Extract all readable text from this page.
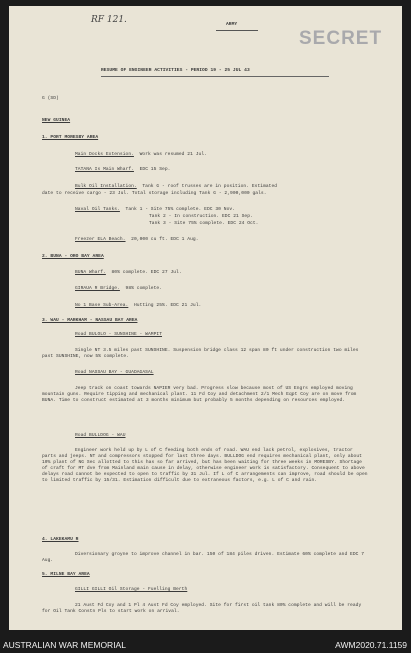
RF 121.	ARMY
SECRET
RESUME OF ENGINEER ACTIVITIES - PERIOD 19 - 25 JUL 43
G (SD)
NEW GUINEA
1. PORT MORESBY AREA
Main Docks Extension. Work was resumed 21 Jul.
TATANA Is Main Wharf. EDC 15 Sep.
Bulk Oil Installation. Tank G - roof trusses are in position. Estimated
date to receive cargo - 23 Jul. Total storage including Tank G - 2,900,000 gals.
Naval Oil Tanks. Tank 1 - Site 75% complete. EDC 30 Nov.
Tank 2 - In construction. EDC 21 Sep.
Tank 3 - Site 75% complete. EDC 24 Oct.
Freezer ELA Beach. 20,000 cu ft. EDC 1 Aug.
2. BUNA - ORO BAY AREA
BUNA Wharf. 80% complete. EDC 27 Jul.
GIRAUA R Bridge. 98% complete.
No 1 Base Sub-Area. Hutting 25%. EDC 21 Jul.
3. WAU - MARKHAM - NASSAU BAY AREA
Road BULOLO - SUNSHINE - WAMPIT
Single NT 3.5 miles past SUNSHINE. Suspension bridge class 12 span 80 ft under construction two miles past SUNSHINE, now 5% complete.
Road NASSAU BAY - GUADAGASAL
Jeep track on coast towards NAPIER very bad. Progress slow because most of US Engrs employed moving mountain guns. Require tipping and mechanical plant. 11 Fd Coy and detachment 2/1 Mech Eqpt Coy are on move from BUNA. Time to construct estimated at 3 months minimum but probably 5 months depending on resources employed.
Road BULLDOG - WAU
Engineer work held up by L of C feeding both ends of road. WAU end lack petrol, explosives, tractor parts and jeeps. NT and compressors stopped for last three days. BULLDOG end requires mechanical plant, only about 10% plant of NG Sec allotted to this has so far arrived, but has been waiting for three weeks in MORESBY. Shortage of craft for MT dve from Mainland main cause in delay, otherwise engineer work is satisfactory. Consequent to above delays road cannot be expected to open to traffic by 31 Jul. If L of C arrangements can improve, road should be open to limited traffic by 15/31. Estimation difficult due to extraneous factors, e.g. L of C and rain.
4. LAKEKAMU R
Diversionary groyne to improve channel in bar. 150 of 184 piles driven. Estimate 60% complete and EDC 7 Aug.
5. MILNE BAY AREA
GILLI GILLI Oil Storage - Fuelling Berth
21 Aust Fd Coy and 1 Pl 4 Aust Fd Coy employed. Site for first oil tank 80% complete and will be ready for Oil Tank Constn Pls to start work on arrival.
AUSTRALIAN WAR MEMORIAL	AWM2020.71.1159
